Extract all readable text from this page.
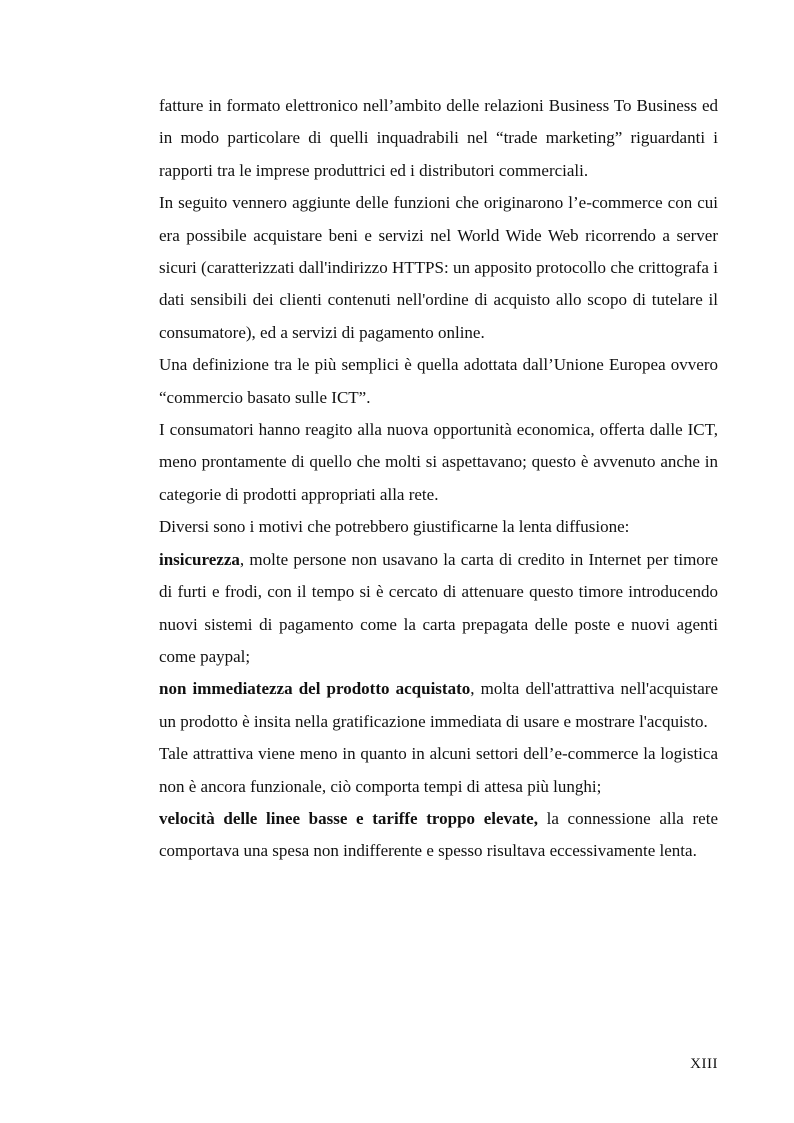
fatture in formato elettronico nell’ambito delle relazioni Business To Business ed in modo particolare di quelli inquadrabili nel “trade marketing” riguardanti i rapporti tra le imprese produttrici ed i distributori commerciali.

In seguito vennero aggiunte delle funzioni che originarono l’e-commerce con cui era possibile acquistare beni e servizi nel World Wide Web ricorrendo a server sicuri (caratterizzati dall'indirizzo HTTPS: un apposito protocollo che crittografa i dati sensibili dei clienti contenuti nell'ordine di acquisto allo scopo di tutelare il consumatore), ed a servizi di pagamento online.

Una definizione tra le più semplici è quella adottata dall’Unione Europea ovvero “commercio basato sulle ICT”.

I consumatori hanno reagito alla nuova opportunità economica, offerta dalle ICT, meno prontamente di quello che molti si aspettavano; questo è avvenuto anche in categorie di prodotti appropriati alla rete.

Diversi sono i motivi che potrebbero giustificarne la lenta diffusione:

insicurezza, molte persone non usavano la carta di credito in Internet per timore di furti e frodi, con il tempo si è cercato di attenuare questo timore introducendo nuovi sistemi di pagamento come la carta prepagata delle poste e nuovi agenti come paypal;

non immediatezza del prodotto acquistato, molta dell'attrattiva nell'acquistare un prodotto è insita nella gratificazione immediata di usare e mostrare l'acquisto.

Tale attrattiva viene meno in quanto in alcuni settori dell’e-commerce la logistica non è ancora funzionale, ciò comporta tempi di attesa più lunghi;

velocità delle linee basse e tariffe troppo elevate, la connessione alla rete comportava una spesa non indifferente e spesso risultava eccessivamente lenta.

XIII
